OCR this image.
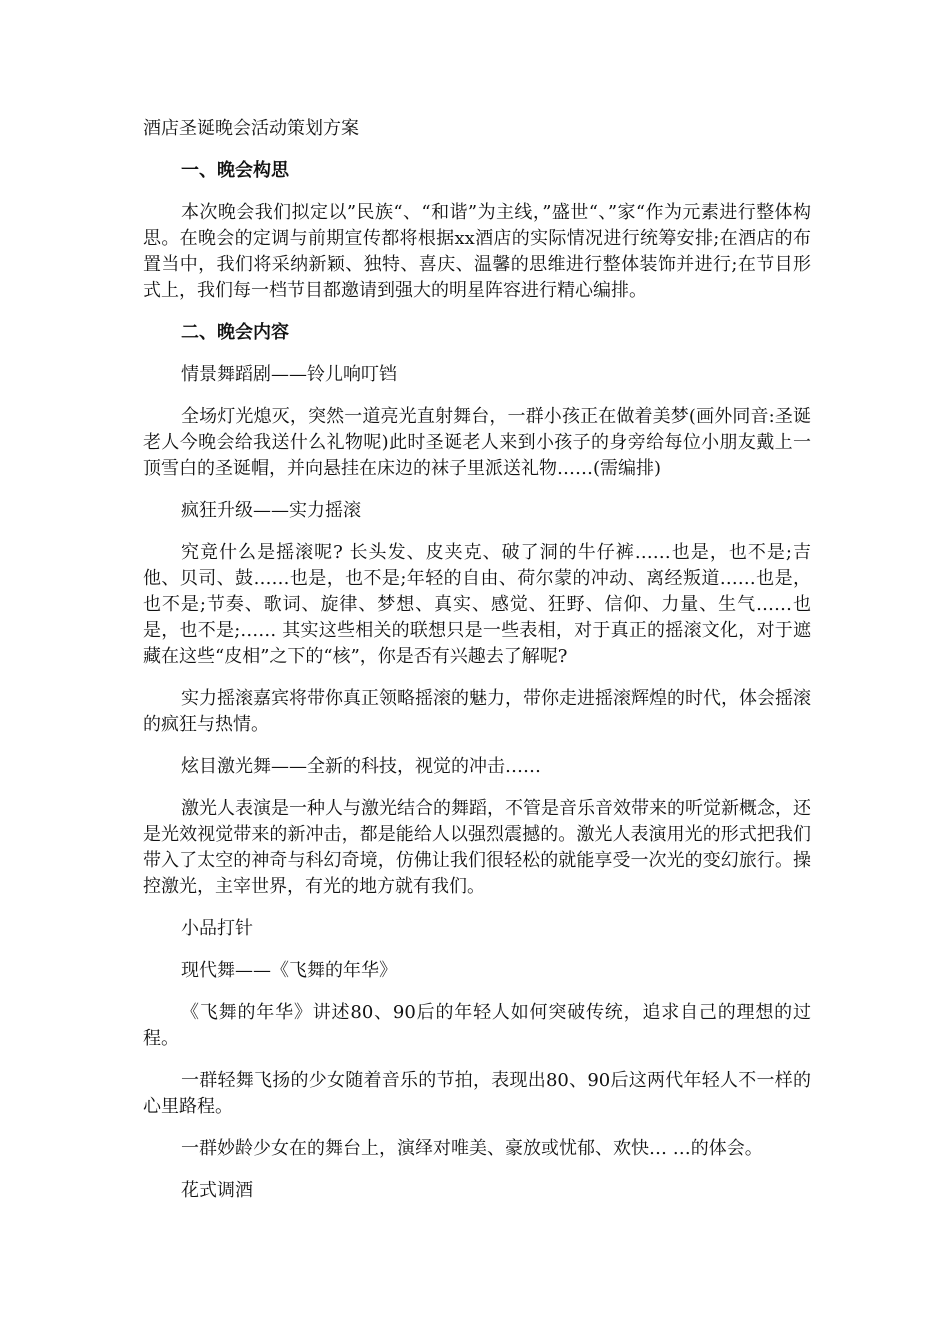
酒店圣诞晚会活动策划方案

一、晚会构思

本次晚会我们拟定以”民族“、“和谐”为主线，”盛世“、”家“作为元素进行整体构思。在晚会的定调与前期宣传都将根据xx酒店的实际情况进行统筹安排;在酒店的布置当中，我们将采纳新颖、独特、喜庆、温馨的思维进行整体装饰并进行;在节目形式上，我们每一档节目都邀请到强大的明星阵容进行精心编排。

二、晚会内容

情景舞蹈剧——铃儿响叮铛

全场灯光熄灭，突然一道亮光直射舞台，一群小孩正在做着美梦(画外同音:圣诞老人今晚会给我送什么礼物呢)此时圣诞老人来到小孩子的身旁给每位小朋友戴上一顶雪白的圣诞帽，并向悬挂在床边的袜子里派送礼物……(需编排)

疯狂升级——实力摇滚

究竟什么是摇滚呢? 长头发、皮夹克、破了洞的牛仔裤……也是，也不是;吉他、贝司、鼓……也是，也不是;年轻的自由、荷尔蒙的冲动、离经叛道……也是，也不是;节奏、歌词、旋律、梦想、真实、感觉、狂野、信仰、力量、生气……也是，也不是;…… 其实这些相关的联想只是一些表相，对于真正的摇滚文化，对于遮藏在这些“皮相”之下的“核”，你是否有兴趣去了解呢?

实力摇滚嘉宾将带你真正领略摇滚的魅力，带你走进摇滚辉煌的时代，体会摇滚的疯狂与热情。

炫目激光舞——全新的科技，视觉的冲击……

激光人表演是一种人与激光结合的舞蹈，不管是音乐音效带来的听觉新概念，还是光效视觉带来的新冲击，都是能给人以强烈震撼的。激光人表演用光的形式把我们带入了太空的神奇与科幻奇境，仿佛让我们很轻松的就能享受一次光的变幻旅行。操控激光，主宰世界，有光的地方就有我们。

小品打针

现代舞——《飞舞的年华》

《飞舞的年华》讲述80、90后的年轻人如何突破传统，追求自己的理想的过程。

一群轻舞飞扬的少女随着音乐的节拍，表现出80、90后这两代年轻人不一样的心里路程。

一群妙龄少女在的舞台上，演绎对唯美、豪放或忧郁、欢快… …的体会。

花式调酒
